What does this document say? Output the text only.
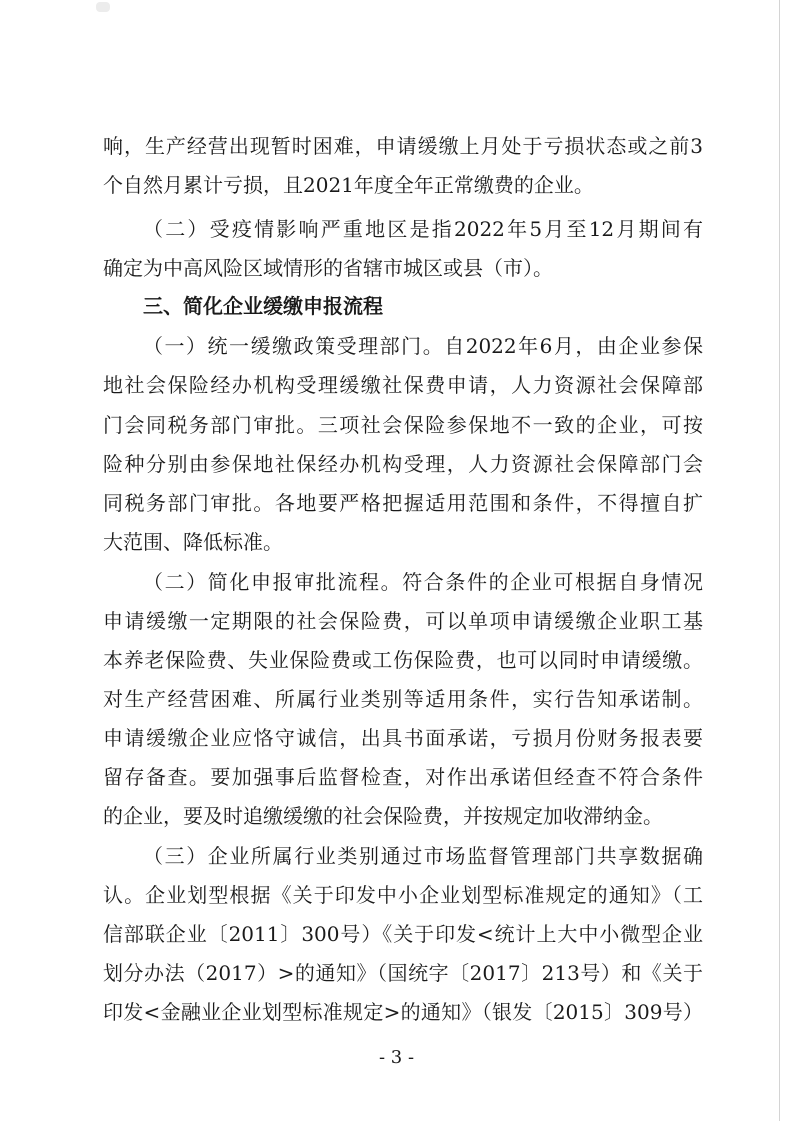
响，生产经营出现暂时困难，申请缓缴上月处于亏损状态或之前3
个自然月累计亏损，且2021年度全年正常缴费的企业。
（二）受疫情影响严重地区是指2022年5月至12月期间有
确定为中高风险区域情形的省辖市城区或县（市）。
三、简化企业缓缴申报流程
（一）统一缓缴政策受理部门。自2022年6月，由企业参保
地社会保险经办机构受理缓缴社保费申请，人力资源社会保障部
门会同税务部门审批。三项社会保险参保地不一致的企业，可按
险种分别由参保地社保经办机构受理，人力资源社会保障部门会
同税务部门审批。各地要严格把握适用范围和条件，不得擅自扩
大范围、降低标准。
（二）简化申报审批流程。符合条件的企业可根据自身情况
申请缓缴一定期限的社会保险费，可以单项申请缓缴企业职工基
本养老保险费、失业保险费或工伤保险费，也可以同时申请缓缴。
对生产经营困难、所属行业类别等适用条件，实行告知承诺制。
申请缓缴企业应恪守诚信，出具书面承诺，亏损月份财务报表要
留存备查。要加强事后监督检查，对作出承诺但经查不符合条件
的企业，要及时追缴缓缴的社会保险费，并按规定加收滞纳金。
（三）企业所属行业类别通过市场监督管理部门共享数据确
认。企业划型根据《关于印发中小企业划型标准规定的通知》（工
信部联企业〔2011〕300号）《关于印发<统计上大中小微型企业
划分办法（2017）>的通知》（国统字〔2017〕213号）和《关于
印发<金融业企业划型标准规定>的通知》（银发〔2015〕309号）
- 3 -
